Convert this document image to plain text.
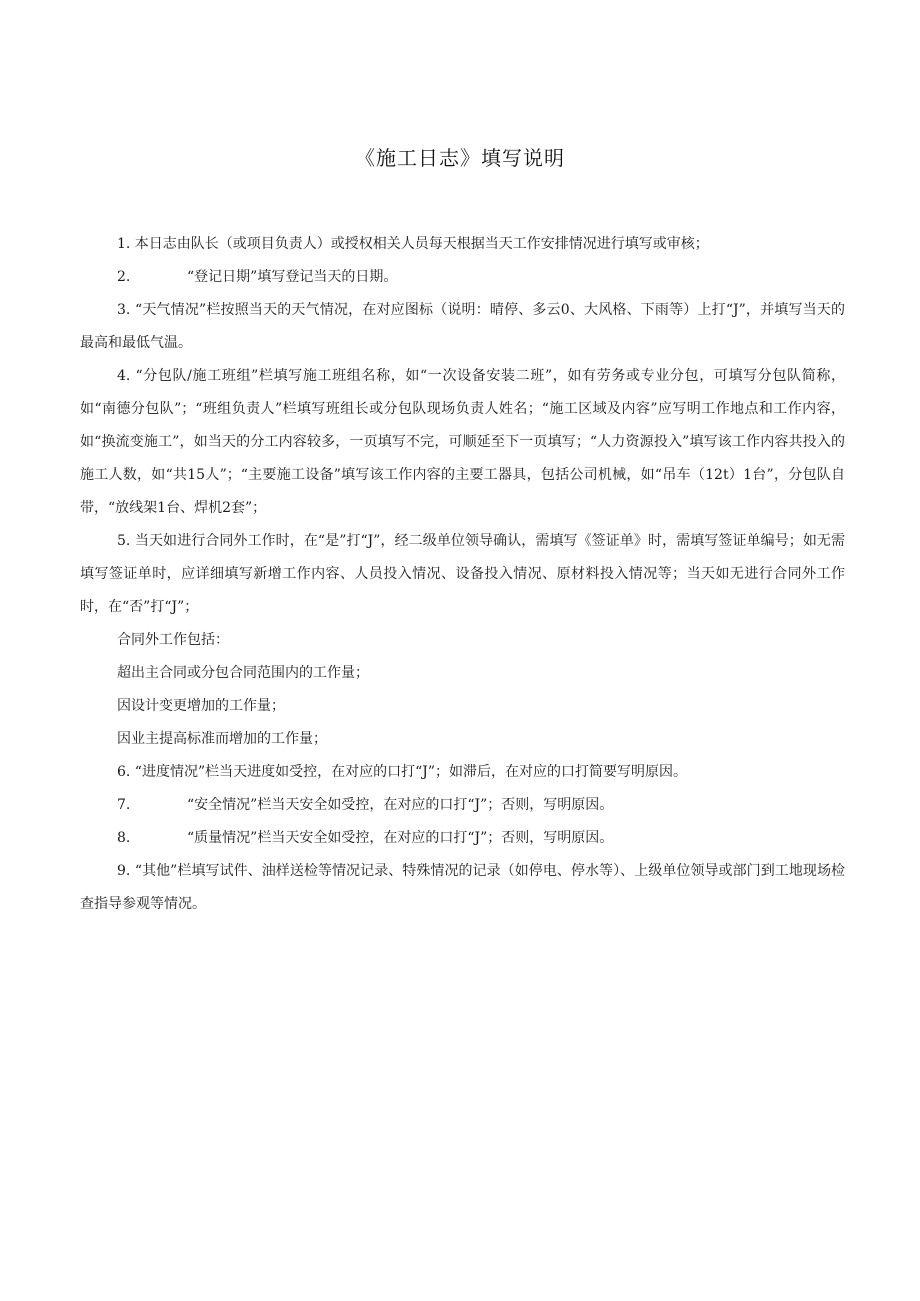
《施工日志》填写说明

1. 本日志由队长（或项目负责人）或授权相关人员每天根据当天工作安排情况进行填写或审核；

2.	“登记日期”填写登记当天的日期。

3. “天气情况”栏按照当天的天气情况，在对应图标（说明：晴停、多云0、大风格、下雨等）上打“J”，并填写当天的最高和最低气温。

4. “分包队/施工班组”栏填写施工班组名称，如“一次设备安装二班”，如有劳务或专业分包，可填写分包队简称，如“南德分包队”；“班组负责人”栏填写班组长或分包队现场负责人姓名；“施工区域及内容”应写明工作地点和工作内容，如“换流变施工”，如当天的分工内容较多，一页填写不完，可顺延至下一页填写；“人力资源投入”填写该工作内容共投入的施工人数，如“共15人”；“主要施工设备”填写该工作内容的主要工器具，包括公司机械，如“吊车（12t）1台”，分包队自带，“放线架1台、焊机2套”；

5. 当天如进行合同外工作时，在“是”打“J”，经二级单位领导确认，需填写《签证单》时，需填写签证单编号；如无需填写签证单时，应详细填写新增工作内容、人员投入情况、设备投入情况、原材料投入情况等；当天如无进行合同外工作时，在“否”打“J”；

合同外工作包括：

超出主合同或分包合同范围内的工作量；

因设计变更增加的工作量；

因业主提高标准而增加的工作量；

6. “进度情况”栏当天进度如受控，在对应的口打“J”；如滞后，在对应的口打简要写明原因。

7.	“安全情况”栏当天安全如受控，在对应的口打“J”；否则，写明原因。

8.	“质量情况”栏当天安全如受控，在对应的口打“J”；否则，写明原因。

9. “其他”栏填写试件、油样送检等情况记录、特殊情况的记录（如停电、停水等）、上级单位领导或部门到工地现场检查指导参观等情况。
